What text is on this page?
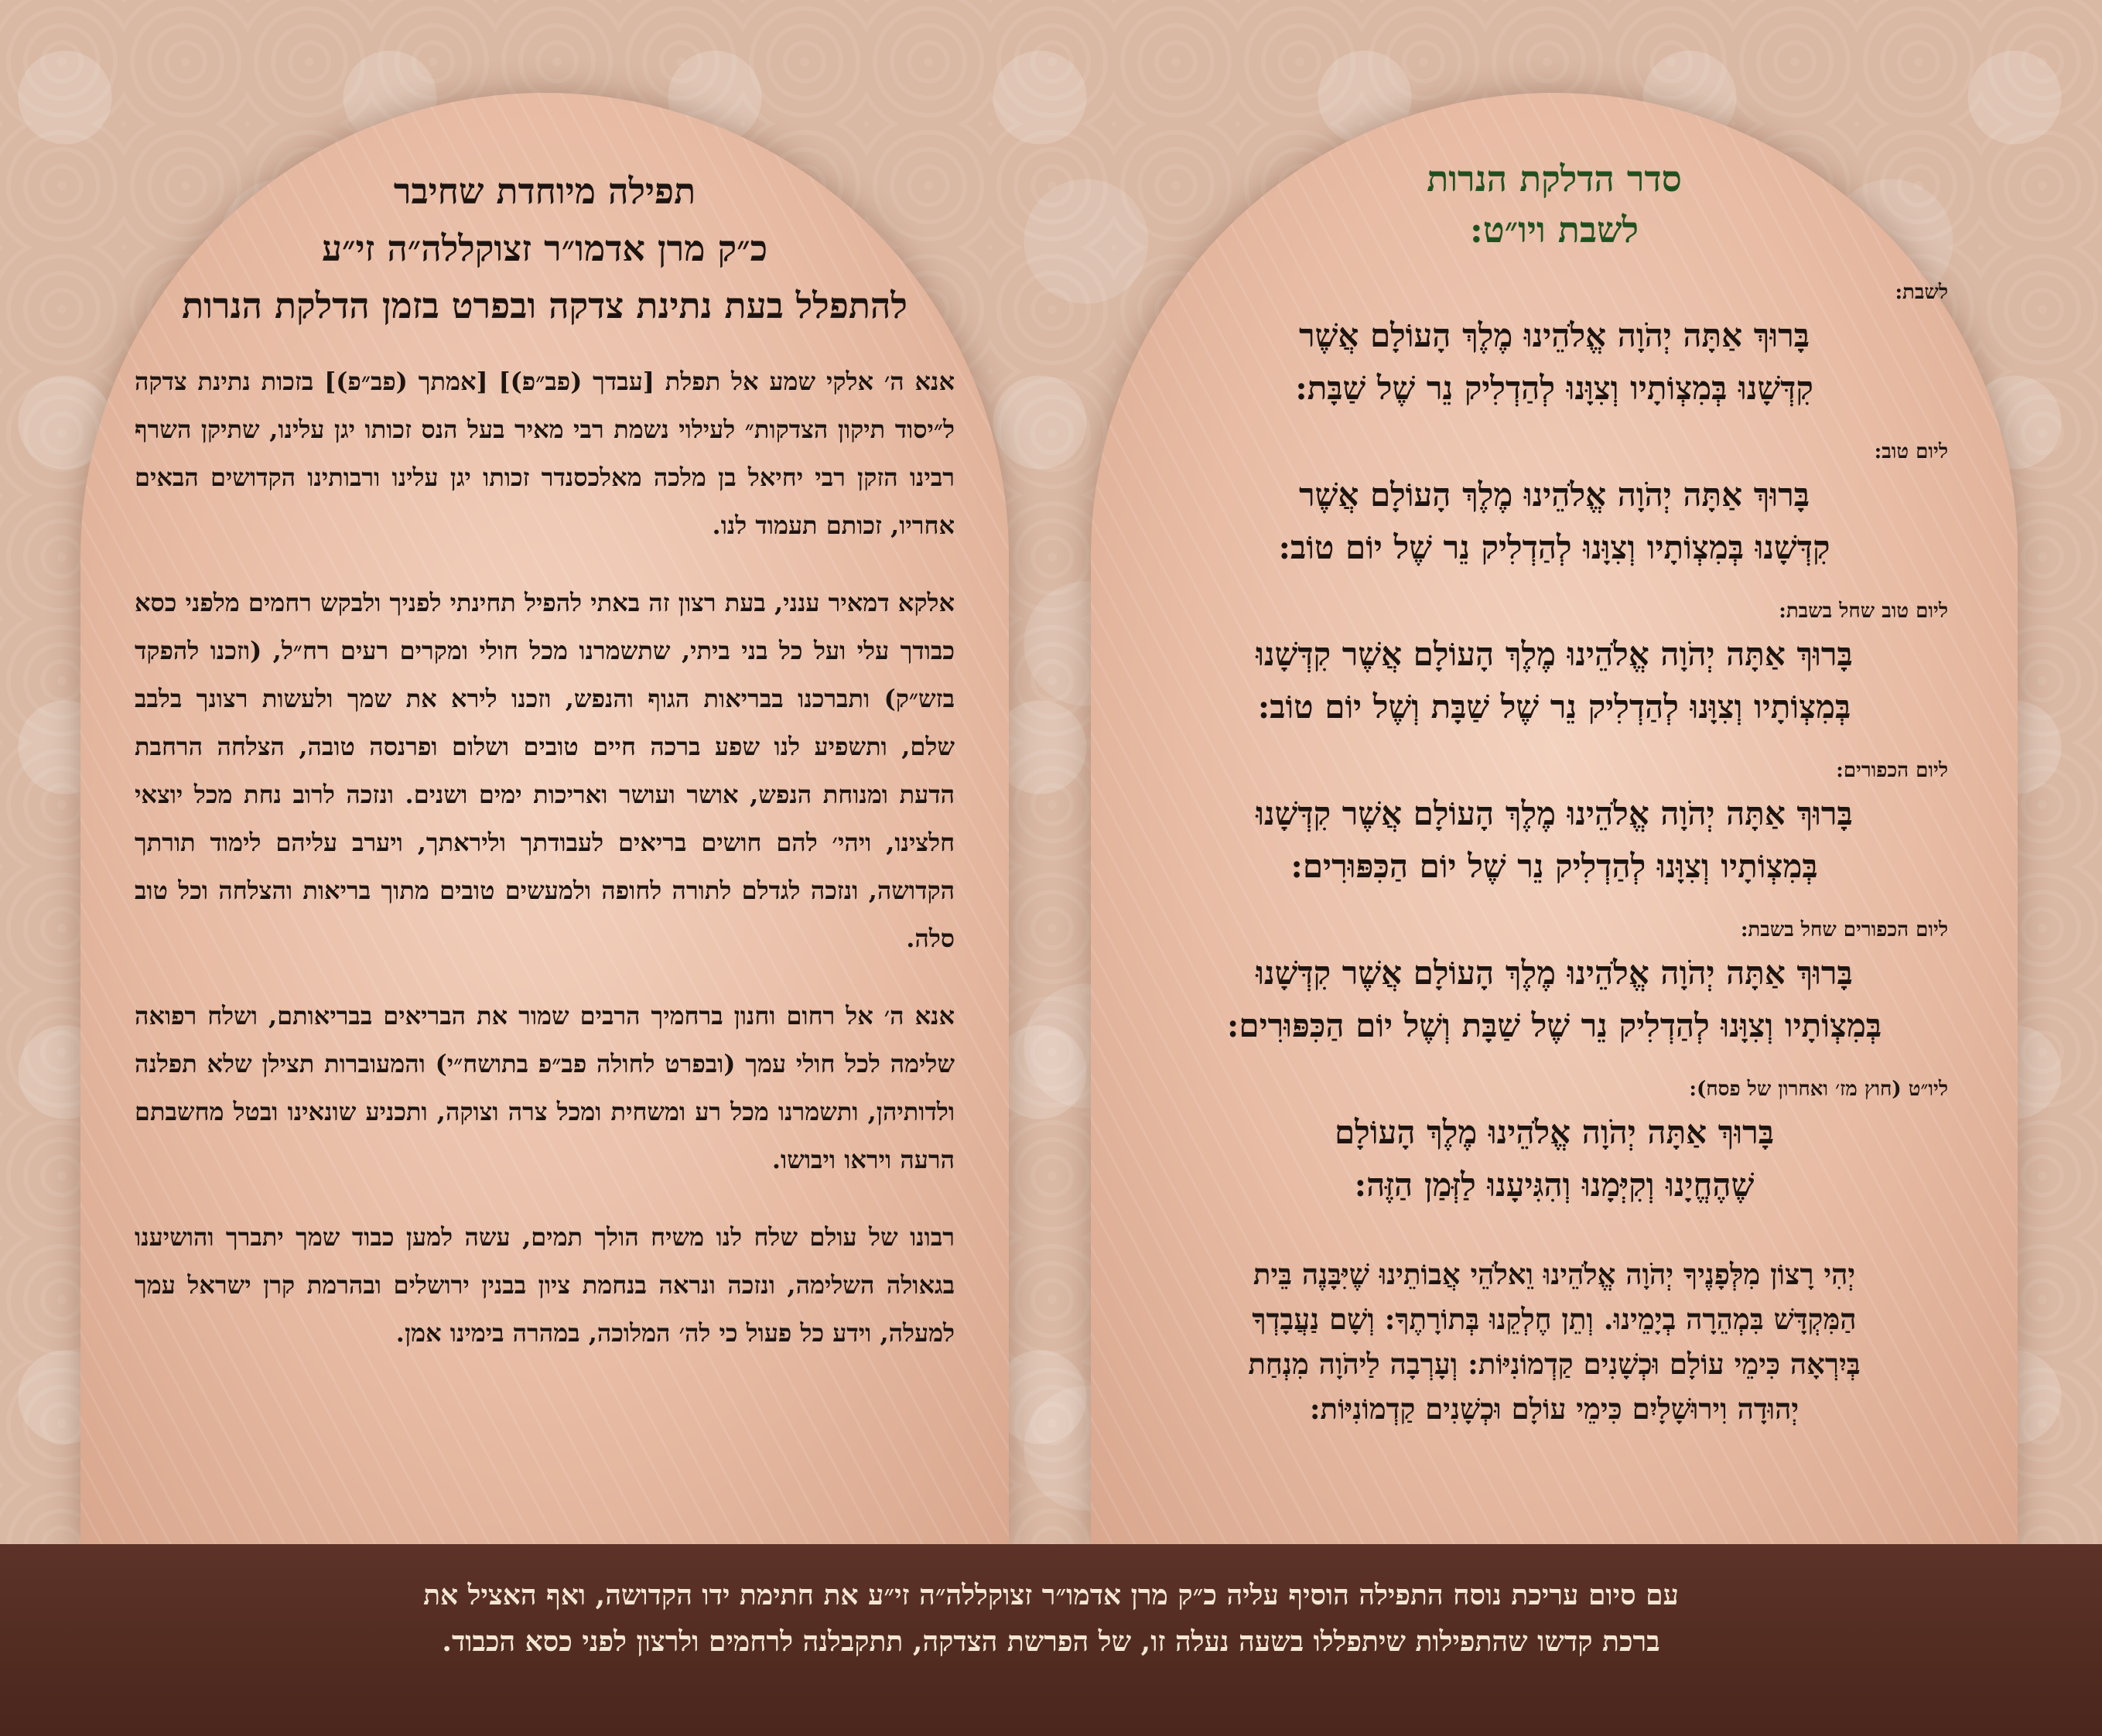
תפילה מיוחדת שחיבר
כ״ק מרן אדמו״ר זצוקללה״ה זי״ע
להתפלל בעת נתינת צדקה ובפרט בזמן הדלקת הנרות

אנא ה׳ אלקי שמע אל תפלת [עבדך (פב״פ)] [אמתך (פב״פ)] בזכות נתינת צדקה ל״יסוד תיקון הצדקות״ לעילוי נשמת רבי מאיר בעל הנס זכותו יגן עלינו, שתיקן השרף רבינו הזקן רבי יחיאל בן מלכה מאלכסנדר זכותו יגן עלינו ורבותינו הקדושים הבאים אחריו, זכותם תעמוד לנו.

אלקא דמאיר ענני, בעת רצון זה באתי להפיל תחינתי לפניך ולבקש רחמים מלפני כסא כבודך עלי ועל כל בני ביתי, שתשמרנו מכל חולי ומקרים רעים רח״ל, (וזכנו להפקד בזש״ק) ותברכנו בבריאות הגוף והנפש, וזכנו לירא את שמך ולעשות רצונך בלבב שלם, ותשפיע לנו שפע ברכה חיים טובים ושלום ופרנסה טובה, הצלחה הרחבת הדעת ומנוחת הנפש, אושר ועושר ואריכות ימים ושנים. ונזכה לרוב נחת מכל יוצאי חלצינו, ויהי׳ להם חושים בריאים לעבודתך וליראתך, ויערב עליהם לימוד תורתך הקדושה, ונזכה לגדלם לתורה לחופה ולמעשים טובים מתוך בריאות והצלחה וכל טוב סלה.

אנא ה׳ אל רחום וחנון ברחמיך הרבים שמור את הבריאים בבריאותם, ושלח רפואה שלימה לכל חולי עמך (ובפרט לחולה פב״פ בתושח״י) והמעוברות תצילן שלא תפלנה ולדותיהן, ותשמרנו מכל רע ומשחית ומכל צרה וצוקה, ותכניע שונאינו ובטל מחשבתם הרעה ויראו ויבושו.

רבונו של עולם שלח לנו משיח הולך תמים, עשה למען כבוד שמך יתברך והושיענו בגאולה השלימה, ונזכה ונראה בנחמת ציון בבנין ירושלים ובהרמת קרן ישראל עמך למעלה, וידע כל פעול כי לה׳ המלוכה, במהרה בימינו אמן.

סדר הדלקת הנרות
לשבת ויו״ט:
לשבת:
בָּרוּךְ אַתָּה יְהֹוָה אֱלֹהֵינוּ מֶלֶךְ הָעוֹלָם אֲשֶׁר
קִדְּשָׁנוּ בְּמִצְוֹתָיו וְצִוָּנוּ לְהַדְלִיק נֵר שֶׁל שַׁבָּת:
ליום טוב:
בָּרוּךְ אַתָּה יְהֹוָה אֱלֹהֵינוּ מֶלֶךְ הָעוֹלָם אֲשֶׁר
קִדְּשָׁנוּ בְּמִצְוֹתָיו וְצִוָּנוּ לְהַדְלִיק נֵר שֶׁל יוֹם טוֹב:
ליום טוב שחל בשבת:
בָּרוּךְ אַתָּה יְהֹוָה אֱלֹהֵינוּ מֶלֶךְ הָעוֹלָם אֲשֶׁר קִדְּשָׁנוּ
בְּמִצְוֹתָיו וְצִוָּנוּ לְהַדְלִיק נֵר שֶׁל שַׁבָּת וְשֶׁל יוֹם טוֹב:
ליום הכפורים:
בָּרוּךְ אַתָּה יְהֹוָה אֱלֹהֵינוּ מֶלֶךְ הָעוֹלָם אֲשֶׁר קִדְּשָׁנוּ
בְּמִצְוֹתָיו וְצִוָּנוּ לְהַדְלִיק נֵר שֶׁל יוֹם הַכִּפּוּרִים:
ליום הכפורים שחל בשבת:
בָּרוּךְ אַתָּה יְהֹוָה אֱלֹהֵינוּ מֶלֶךְ הָעוֹלָם אֲשֶׁר קִדְּשָׁנוּ
בְּמִצְוֹתָיו וְצִוָּנוּ לְהַדְלִיק נֵר שֶׁל שַׁבָּת וְשֶׁל יוֹם הַכִּפּוּרִים:
ליו״ט (חוץ מז׳ ואחרון של פסח):
בָּרוּךְ אַתָּה יְהֹוָה אֱלֹהֵינוּ מֶלֶךְ הָעוֹלָם
שֶׁהֶחֱיָנוּ וְקִיְּמָנוּ וְהִגִּיעָנוּ לַזְּמַן הַזֶּה:
יְהִי רָצוֹן מִלְּפָנֶיךָ יְהֹוָה אֱלֹהֵינוּ וֵאלֹהֵי אֲבוֹתֵינוּ שֶׁיִּבָּנֶה בֵּית
הַמִּקְדָּשׁ בִּמְהֵרָה בְיָמֵינוּ. וְתֵן חֶלְקֵנוּ בְּתוֹרָתֶךָ: וְשָׁם נַעֲבָדְךָ
בְּיִרְאָה כִּימֵי עוֹלָם וּכְשָׁנִים קַדְמוֹנִיּוֹת: וְעָרְבָה לַיהֹוָה מִנְחַת
יְהוּדָה וִירוּשָׁלָיִם כִּימֵי עוֹלָם וּכְשָׁנִים קַדְמוֹנִיּוֹת:
עם סיום עריכת נוסח התפילה הוסיף עליה כ״ק מרן אדמו״ר זצוקללה״ה זי״ע את חתימת ידו הקדושה, ואף האציל את
ברכת קדשו שהתפילות שיתפללו בשעה נעלה זו, של הפרשת הצדקה, תתקבלנה לרחמים ולרצון לפני כסא הכבוד.
